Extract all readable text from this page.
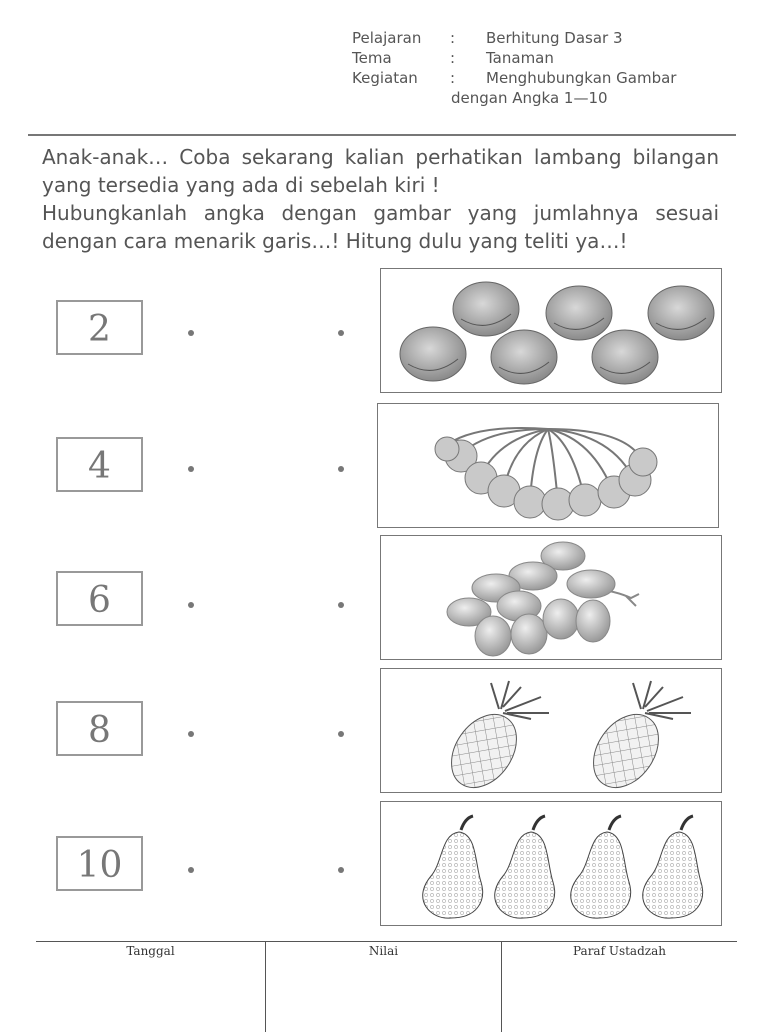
Pelajaran	:	Berhitung Dasar 3
Tema	:	Tanaman
Kegiatan	:	Menghubungkan Gambar
dengan Angka 1—10

Anak-anak… Coba sekarang kalian perhatikan lambang bilangan yang tersedia yang ada di sebelah kiri !

Hubungkanlah angka dengan gambar yang jumlahnya sesuai dengan cara menarik garis…! Hitung dulu yang teliti ya…!

2
4
6
8
10
Tanggal	Nilai	Paraf Ustadzah
